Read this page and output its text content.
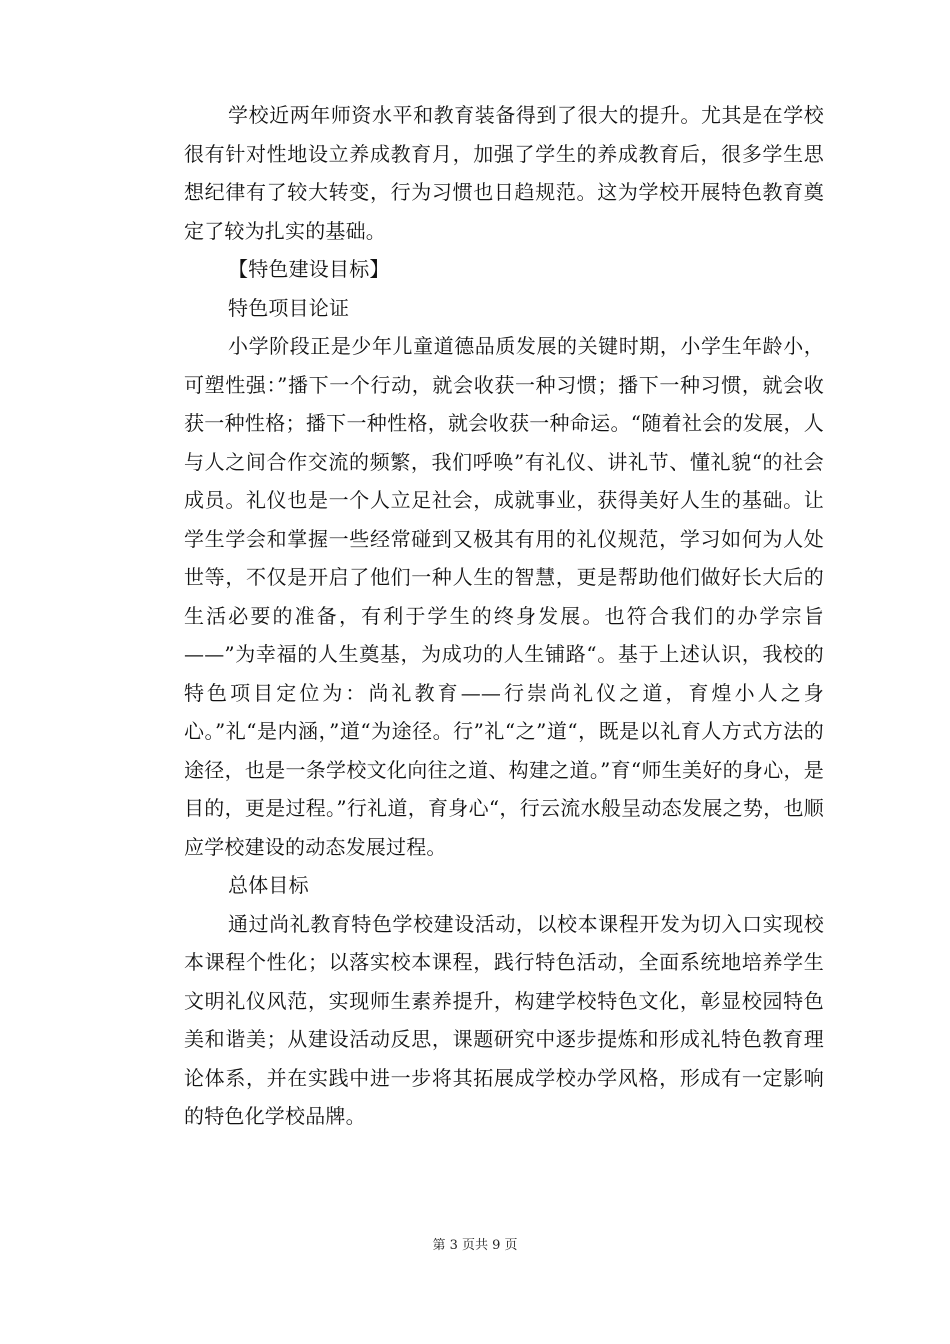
学校近两年师资水平和教育装备得到了很大的提升。尤其是在学校很有针对性地设立养成教育月，加强了学生的养成教育后，很多学生思想纪律有了较大转变，行为习惯也日趋规范。这为学校开展特色教育奠定了较为扎实的基础。

【特色建设目标】

特色项目论证

小学阶段正是少年儿童道德品质发展的关键时期，小学生年龄小，可塑性强：”播下一个行动，就会收获一种习惯；播下一种习惯，就会收获一种性格；播下一种性格，就会收获一种命运。“随着社会的发展，人与人之间合作交流的频繁，我们呼唤”有礼仪、讲礼节、懂礼貌“的社会成员。礼仪也是一个人立足社会，成就事业，获得美好人生的基础。让学生学会和掌握一些经常碰到又极其有用的礼仪规范，学习如何为人处世等，不仅是开启了他们一种人生的智慧，更是帮助他们做好长大后的生活必要的准备，有利于学生的终身发展。也符合我们的办学宗旨——”为幸福的人生奠基，为成功的人生铺路“。基于上述认识，我校的特色项目定位为：尚礼教育——行崇尚礼仪之道，育煌小人之身心。”礼“是内涵，”道“为途径。行”礼“之”道“，既是以礼育人方式方法的途径，也是一条学校文化向往之道、构建之道。”育“师生美好的身心，是目的，更是过程。”行礼道，育身心“，行云流水般呈动态发展之势，也顺应学校建设的动态发展过程。

总体目标

通过尚礼教育特色学校建设活动，以校本课程开发为切入口实现校本课程个性化；以落实校本课程，践行特色活动，全面系统地培养学生文明礼仪风范，实现师生素养提升，构建学校特色文化，彰显校园特色美和谐美；从建设活动反思，课题研究中逐步提炼和形成礼特色教育理论体系，并在实践中进一步将其拓展成学校办学风格，形成有一定影响的特色化学校品牌。

第 3 页共 9 页
